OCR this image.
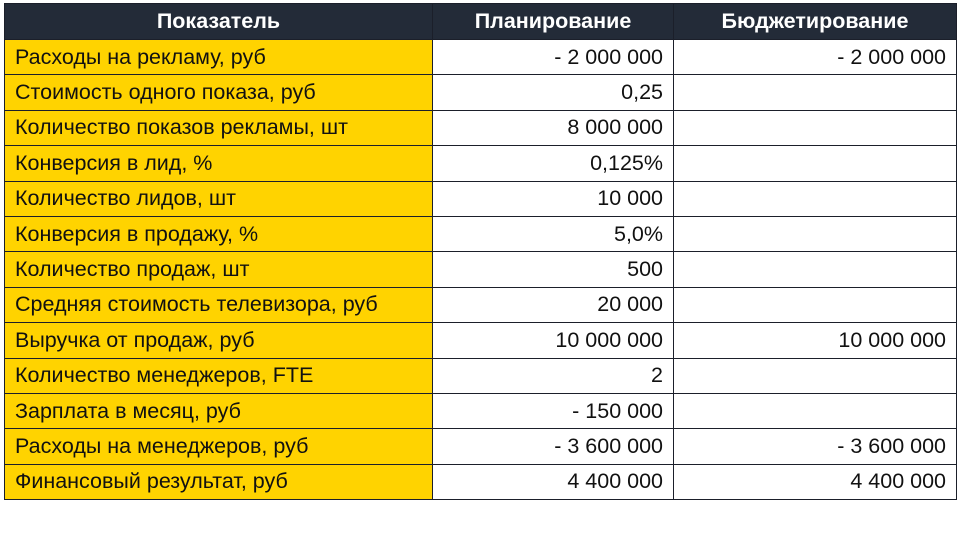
Показатель	Планирование	Бюджетирование
Расходы на рекламу, руб	- 2 000 000	- 2 000 000
Стоимость одного показа, руб	0,25	
Количество показов рекламы, шт	8 000 000	
Конверсия в лид, %	0,125%	
Количество лидов, шт	10 000	
Конверсия в продажу, %	5,0%	
Количество продаж, шт	500	
Средняя стоимость телевизора, руб	20 000	
Выручка от продаж, руб	10 000 000	10 000 000
Количество менеджеров, FTE	2	
Зарплата в месяц, руб	- 150 000	
Расходы на менеджеров, руб	- 3 600 000	- 3 600 000
Финансовый результат, руб	4 400 000	4 400 000
